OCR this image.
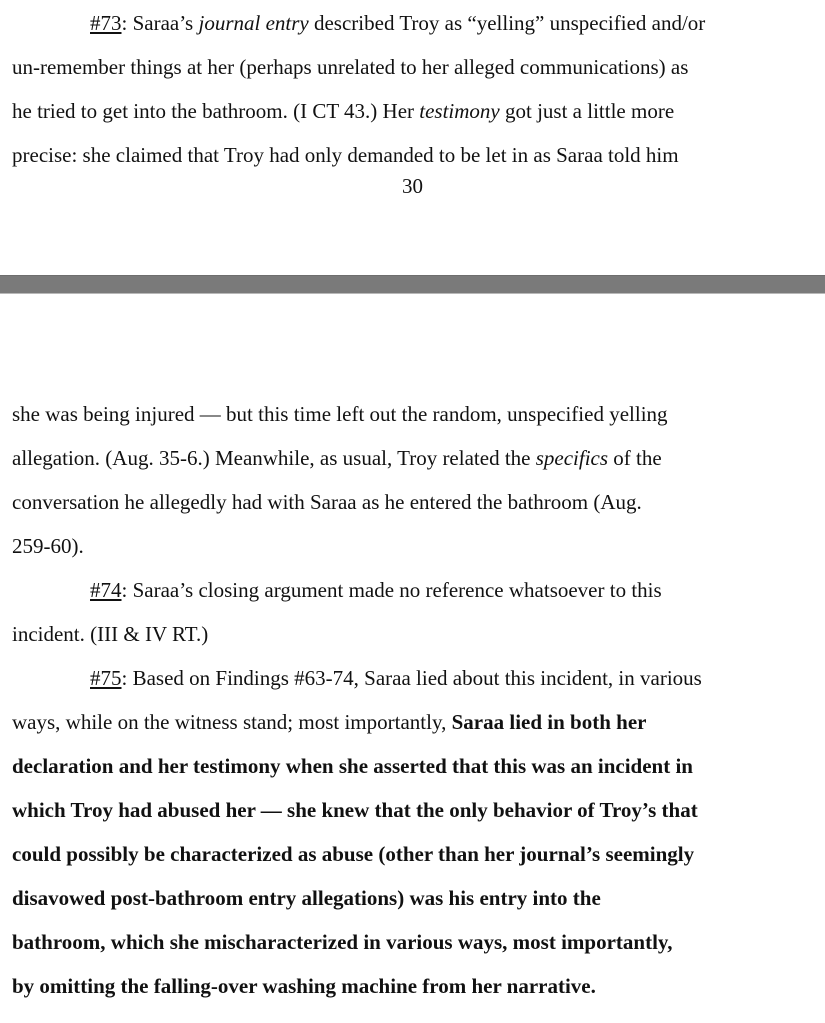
#73: Saraa’s journal entry described Troy as “yelling” unspecified and/or
un-remember things at her (perhaps unrelated to her alleged communications) as
he tried to get into the bathroom. (I CT 43.) Her testimony got just a little more
precise: she claimed that Troy had only demanded to be let in as Saraa told him
30
she was being injured — but this time left out the random, unspecified yelling
allegation. (Aug. 35-6.) Meanwhile, as usual, Troy related the specifics of the
conversation he allegedly had with Saraa as he entered the bathroom (Aug.
259-60).
#74: Saraa’s closing argument made no reference whatsoever to this
incident. (III & IV RT.)
#75: Based on Findings #63-74, Saraa lied about this incident, in various
ways, while on the witness stand; most importantly, Saraa lied in both her
declaration and her testimony when she asserted that this was an incident in
which Troy had abused her — she knew that the only behavior of Troy’s that
could possibly be characterized as abuse (other than her journal’s seemingly
disavowed post-bathroom entry allegations) was his entry into the
bathroom, which she mischaracterized in various ways, most importantly,
by omitting the falling-over washing machine from her narrative.
